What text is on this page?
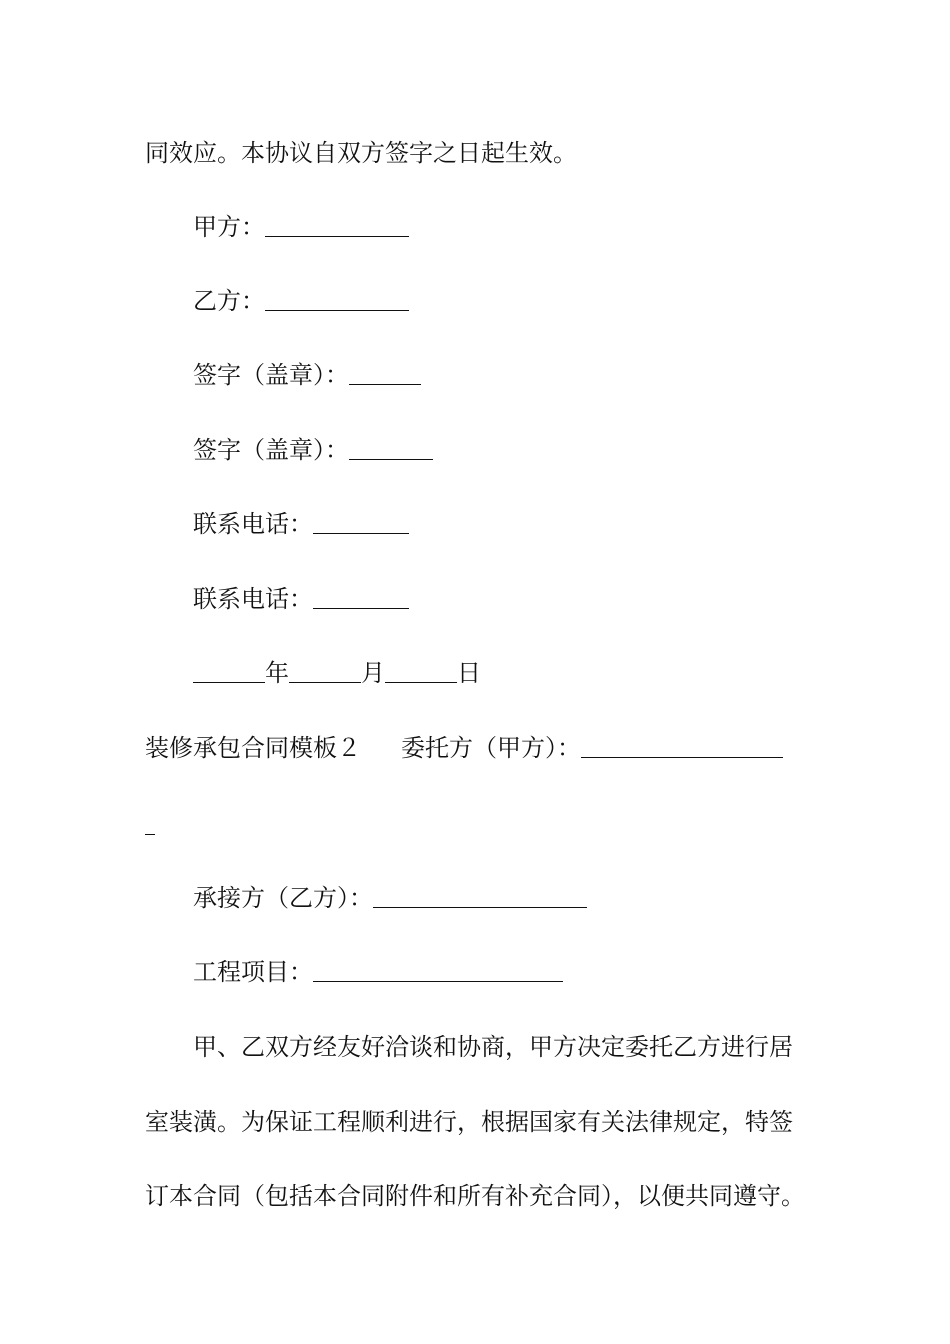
同效应。本协议自双方签字之日起生效。
甲方：
乙方：
签字（盖章）：
签字（盖章）：
联系电话：
联系电话：
年	月	日
装修承包合同模板２ 委托方（甲方）：
承接方（乙方）：
工程项目：
甲、乙双方经友好洽谈和协商，甲方决定委托乙方进行居
室装潢。为保证工程顺利进行，根据国家有关法律规定，特签
订本合同（包括本合同附件和所有补充合同），以便共同遵守。
